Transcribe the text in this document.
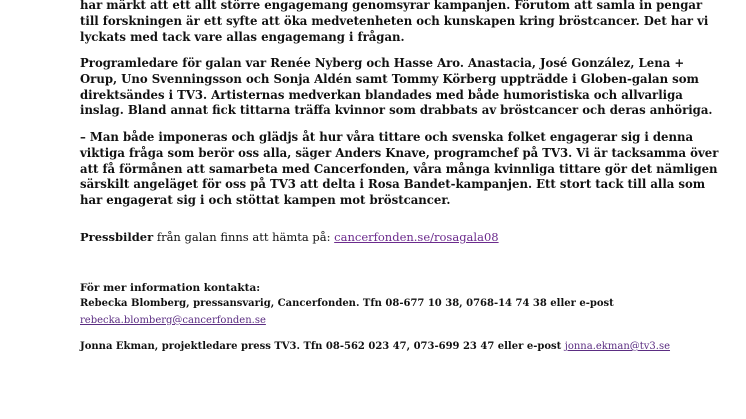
har märkt att ett allt större engagemang genomsyrar kampanjen. Förutom att samla in pengar till forskningen är ett syfte att öka medvetenheten och kunskapen kring bröstcancer. Det har vi lyckats med tack vare allas engagemang i frågan.
Programledare för galan var Renée Nyberg och Hasse Aro. Anastacia, José González, Lena + Orup, Uno Svenningsson och Sonja Aldén samt Tommy Körberg uppträdde i Globen-galan som direktsändes i TV3. Artisternas medverkan blandades med både humoristiska och allvarliga inslag. Bland annat fick tittarna träffa kvinnor som drabbats av bröstcancer och deras anhöriga.
– Man både imponeras och glädjs åt hur våra tittare och svenska folket engagerar sig i denna viktiga fråga som berör oss alla, säger Anders Knave, programchef på TV3. Vi är tacksamma över att få förmånen att samarbeta med Cancerfonden, våra många kvinnliga tittare gör det nämligen särskilt angeläget för oss på TV3 att delta i Rosa Bandet-kampanjen. Ett stort tack till alla som har engagerat sig i och stöttat kampen mot bröstcancer.
Pressbilder från galan finns att hämta på: cancerfonden.se/rosagala08
För mer information kontakta:
Rebecka Blomberg, pressansvarig, Cancerfonden. Tfn 08-677 10 38, 0768-14 74 38 eller e-post
rebecka.blomberg@cancerfonden.se
Jonna Ekman, projektledare press TV3. Tfn 08-562 023 47, 073-699 23 47 eller e-post jonna.ekman@tv3.se
